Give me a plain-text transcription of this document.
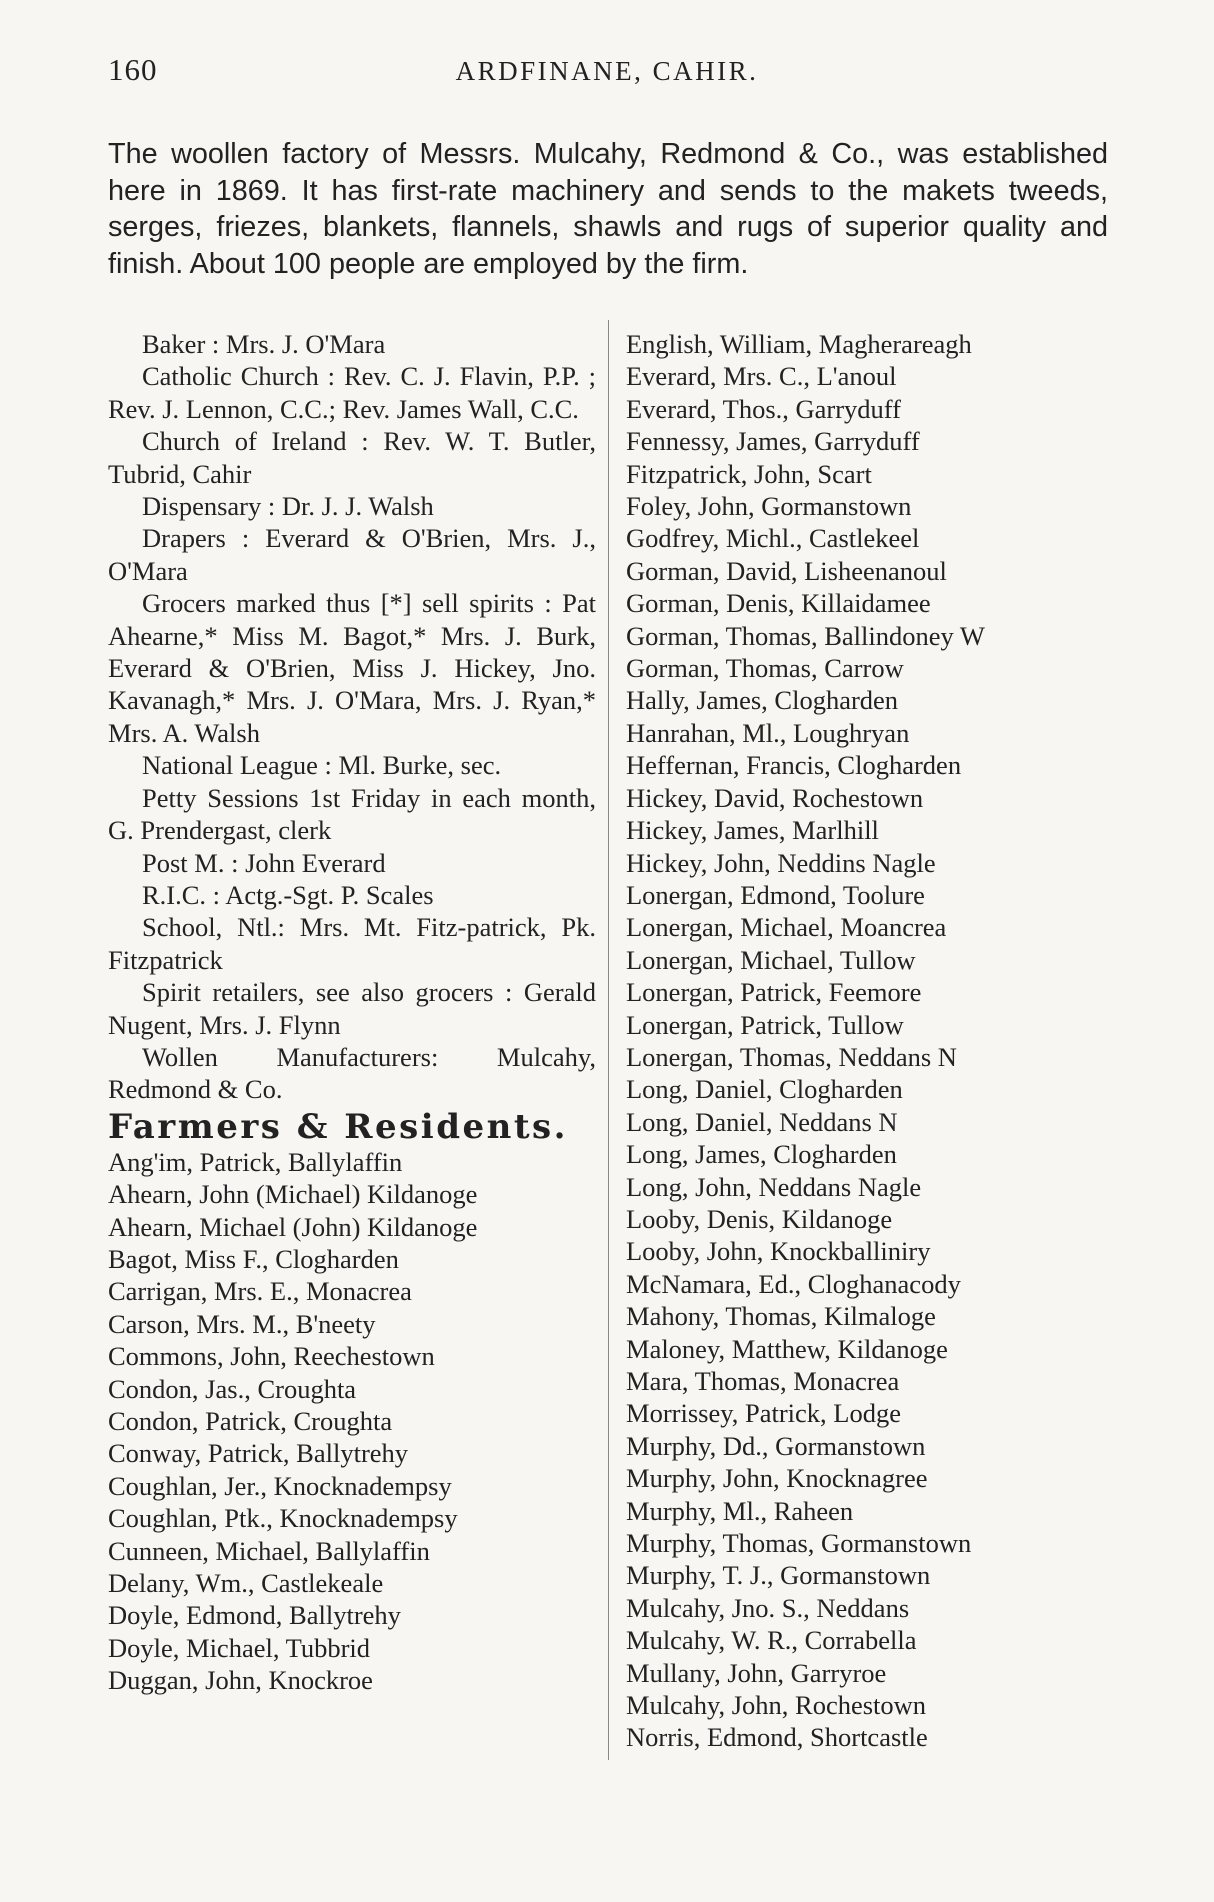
160	ARDFINANE, CAHIR.

The woollen factory of Messrs. Mulcahy, Redmond & Co., was established here in 1869. It has first-rate machinery and sends to the makets tweeds, serges, friezes, blankets, flannels, shawls and rugs of superior quality and finish. About 100 people are employed by the firm.

Baker : Mrs. J. O'Mara
Catholic Church : Rev. C. J. Flavin, P.P. ; Rev. J. Lennon, C.C.; Rev. James Wall, C.C.
Church of Ireland : Rev. W. T. Butler, Tubrid, Cahir
Dispensary : Dr. J. J. Walsh
Drapers : Everard & O'Brien, Mrs. J., O'Mara
Grocers marked thus [*] sell spirits : Pat Ahearne,* Miss M. Bagot,* Mrs. J. Burk, Everard & O'Brien, Miss J. Hickey, Jno. Kavanagh,* Mrs. J. O'Mara, Mrs. J. Ryan,* Mrs. A. Walsh
National League : Ml. Burke, sec.
Petty Sessions 1st Friday in each month, G. Prendergast, clerk
Post M. : John Everard
R.I.C. : Actg.-Sgt. P. Scales
School, Ntl.: Mrs. Mt. Fitz-patrick, Pk. Fitzpatrick
Spirit retailers, see also grocers : Gerald Nugent, Mrs. J. Flynn
Wollen Manufacturers: Mulcahy, Redmond & Co.
Farmers & Residents.
Ang'im, Patrick, Ballylaffin
Ahearn, John (Michael) Kildanoge
Ahearn, Michael (John) Kildanoge
Bagot, Miss F., Clogharden
Carrigan, Mrs. E., Monacrea
Carson, Mrs. M., B'neety
Commons, John, Reechestown
Condon, Jas., Croughta
Condon, Patrick, Croughta
Conway, Patrick, Ballytrehy
Coughlan, Jer., Knocknadempsy
Coughlan, Ptk., Knocknadempsy
Cunneen, Michael, Ballylaffin
Delany, Wm., Castlekeale
Doyle, Edmond, Ballytrehy
Doyle, Michael, Tubbrid
Duggan, John, Knockroe
English, William, Magherareagh
Everard, Mrs. C., L'anoul
Everard, Thos., Garryduff
Fennessy, James, Garryduff
Fitzpatrick, John, Scart
Foley, John, Gormanstown
Godfrey, Michl., Castlekeel
Gorman, David, Lisheenanoul
Gorman, Denis, Killaidamee
Gorman, Thomas, Ballindoney W
Gorman, Thomas, Carrow
Hally, James, Clogharden
Hanrahan, Ml., Loughryan
Heffernan, Francis, Clogharden
Hickey, David, Rochestown
Hickey, James, Marlhill
Hickey, John, Neddins Nagle
Lonergan, Edmond, Toolure
Lonergan, Michael, Moancrea
Lonergan, Michael, Tullow
Lonergan, Patrick, Feemore
Lonergan, Patrick, Tullow
Lonergan, Thomas, Neddans N
Long, Daniel, Clogharden
Long, Daniel, Neddans N
Long, James, Clogharden
Long, John, Neddans Nagle
Looby, Denis, Kildanoge
Looby, John, Knockballiniry
McNamara, Ed., Cloghanacody
Mahony, Thomas, Kilmaloge
Maloney, Matthew, Kildanoge
Mara, Thomas, Monacrea
Morrissey, Patrick, Lodge
Murphy, Dd., Gormanstown
Murphy, John, Knocknagree
Murphy, Ml., Raheen
Murphy, Thomas, Gormanstown
Murphy, T. J., Gormanstown
Mulcahy, Jno. S., Neddans
Mulcahy, W. R., Corrabella
Mullany, John, Garryroe
Mulcahy, John, Rochestown
Norris, Edmond, Shortcastle
